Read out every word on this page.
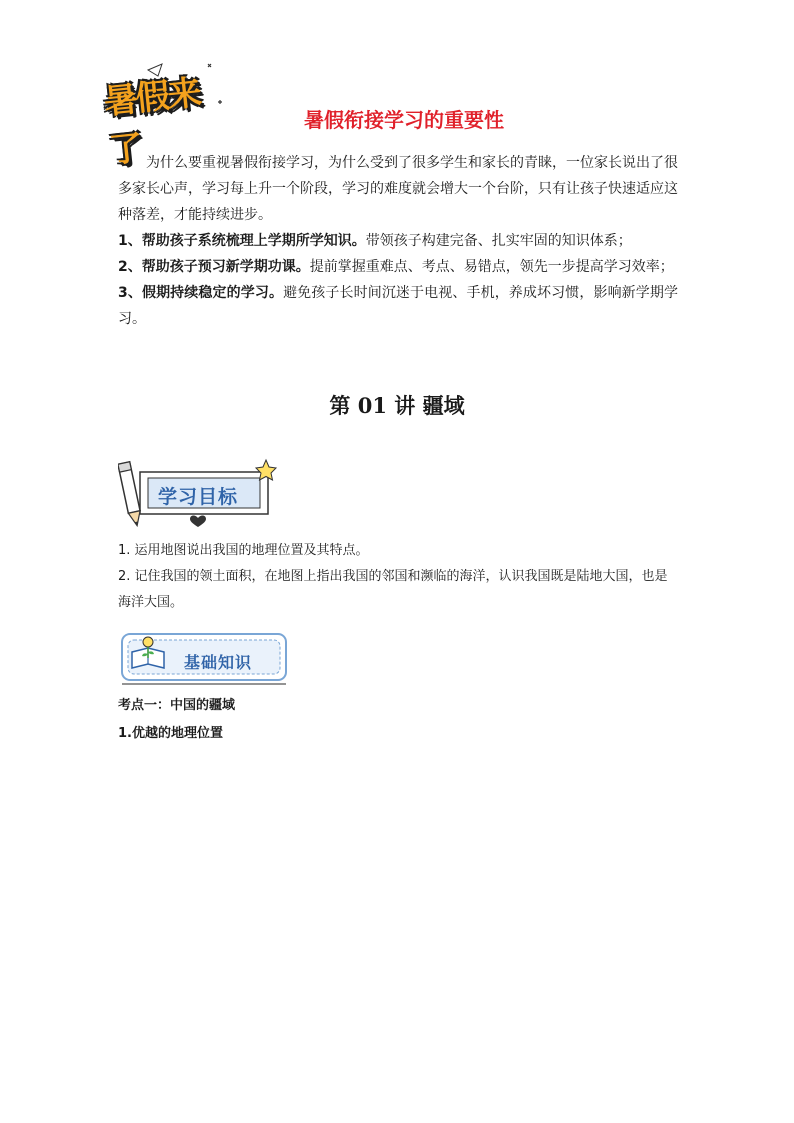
暑假来了
暑假衔接学习的重要性

为什么要重视暑假衔接学习，为什么受到了很多学生和家长的青睐，一位家长说出了很多家长心声，学习每上升一个阶段，学习的难度就会增大一个台阶，只有让孩子快速适应这种落差，才能持续进步。

1、帮助孩子系统梳理上学期所学知识。带领孩子构建完备、扎实牢固的知识体系；

2、帮助孩子预习新学期功课。提前掌握重难点、考点、易错点，领先一步提高学习效率；

3、假期持续稳定的学习。避免孩子长时间沉迷于电视、手机，养成坏习惯，影响新学期学习。

第 01 讲 疆域
学习目标

1. 运用地图说出我国的地理位置及其特点。

2. 记住我国的领土面积，在地图上指出我国的邻国和濒临的海洋，认识我国既是陆地大国，也是海洋大国。

基础知识
考点一：中国的疆域
1.优越的地理位置
